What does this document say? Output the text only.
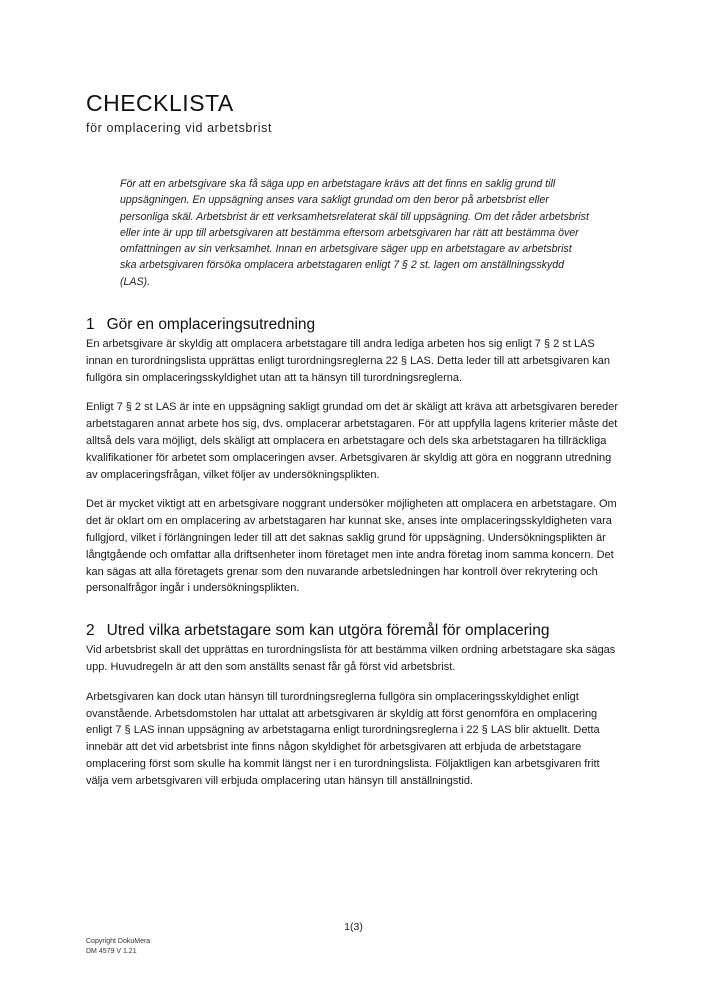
CHECKLISTA

för omplacering vid arbetsbrist

För att en arbetsgivare ska få säga upp en arbetstagare krävs att det finns en saklig grund till uppsägningen. En uppsägning anses vara sakligt grundad om den beror på arbetsbrist eller personliga skäl. Arbetsbrist är ett verksamhetsrelaterat skäl till uppsägning. Om det råder arbetsbrist eller inte är upp till arbetsgivaren att bestämma eftersom arbetsgivaren har rätt att bestämma över omfattningen av sin verksamhet. Innan en arbetsgivare säger upp en arbetstagare av arbetsbrist ska arbetsgivaren försöka omplacera arbetstagaren enligt 7 § 2 st. lagen om anställningsskydd (LAS).

1 Gör en omplaceringsutredning

En arbetsgivare är skyldig att omplacera arbetstagare till andra lediga arbeten hos sig enligt 7 § 2 st LAS innan en turordningslista upprättas enligt turordningsreglerna 22 § LAS. Detta leder till att arbetsgivaren kan fullgöra sin omplaceringsskyldighet utan att ta hänsyn till turordningsreglerna.

Enligt 7 § 2 st LAS är inte en uppsägning sakligt grundad om det är skäligt att kräva att arbetsgivaren bereder arbetstagaren annat arbete hos sig, dvs. omplacerar arbetstagaren. För att uppfylla lagens kriterier måste det alltså dels vara möjligt, dels skäligt att omplacera en arbetstagare och dels ska arbetstagaren ha tillräckliga kvalifikationer för arbetet som omplaceringen avser. Arbetsgivaren är skyldig att göra en noggrann utredning av omplaceringsfrågan, vilket följer av undersökningsplikten.

Det är mycket viktigt att en arbetsgivare noggrant undersöker möjligheten att omplacera en arbetstagare. Om det är oklart om en omplacering av arbetstagaren har kunnat ske, anses inte omplaceringsskyldigheten vara fullgjord, vilket i förlängningen leder till att det saknas saklig grund för uppsägning. Undersökningsplikten är långtgående och omfattar alla driftsenheter inom företaget men inte andra företag inom samma koncern. Det kan sägas att alla företagets grenar som den nuvarande arbetsledningen har kontroll över rekrytering och personalfrågor ingår i undersökningsplikten.

2 Utred vilka arbetstagare som kan utgöra föremål för omplacering

Vid arbetsbrist skall det upprättas en turordningslista för att bestämma vilken ordning arbetstagare ska sägas upp. Huvudregeln är att den som anställts senast får gå först vid arbetsbrist.

Arbetsgivaren kan dock utan hänsyn till turordningsreglerna fullgöra sin omplaceringsskyldighet enligt ovanstående. Arbetsdomstolen har uttalat att arbetsgivaren är skyldig att först genomföra en omplacering enligt 7 § LAS innan uppsägning av arbetstagarna enligt turordningsreglerna i 22 § LAS blir aktuellt. Detta innebär att det vid arbetsbrist inte finns någon skyldighet för arbetsgivaren att erbjuda de arbetstagare omplacering först som skulle ha kommit längst ner i en turordningslista. Följaktligen kan arbetsgivaren fritt välja vem arbetsgivaren vill erbjuda omplacering utan hänsyn till anställningstid.

1(3)
Copyright DokuMera
DM 4579 V 1.21
